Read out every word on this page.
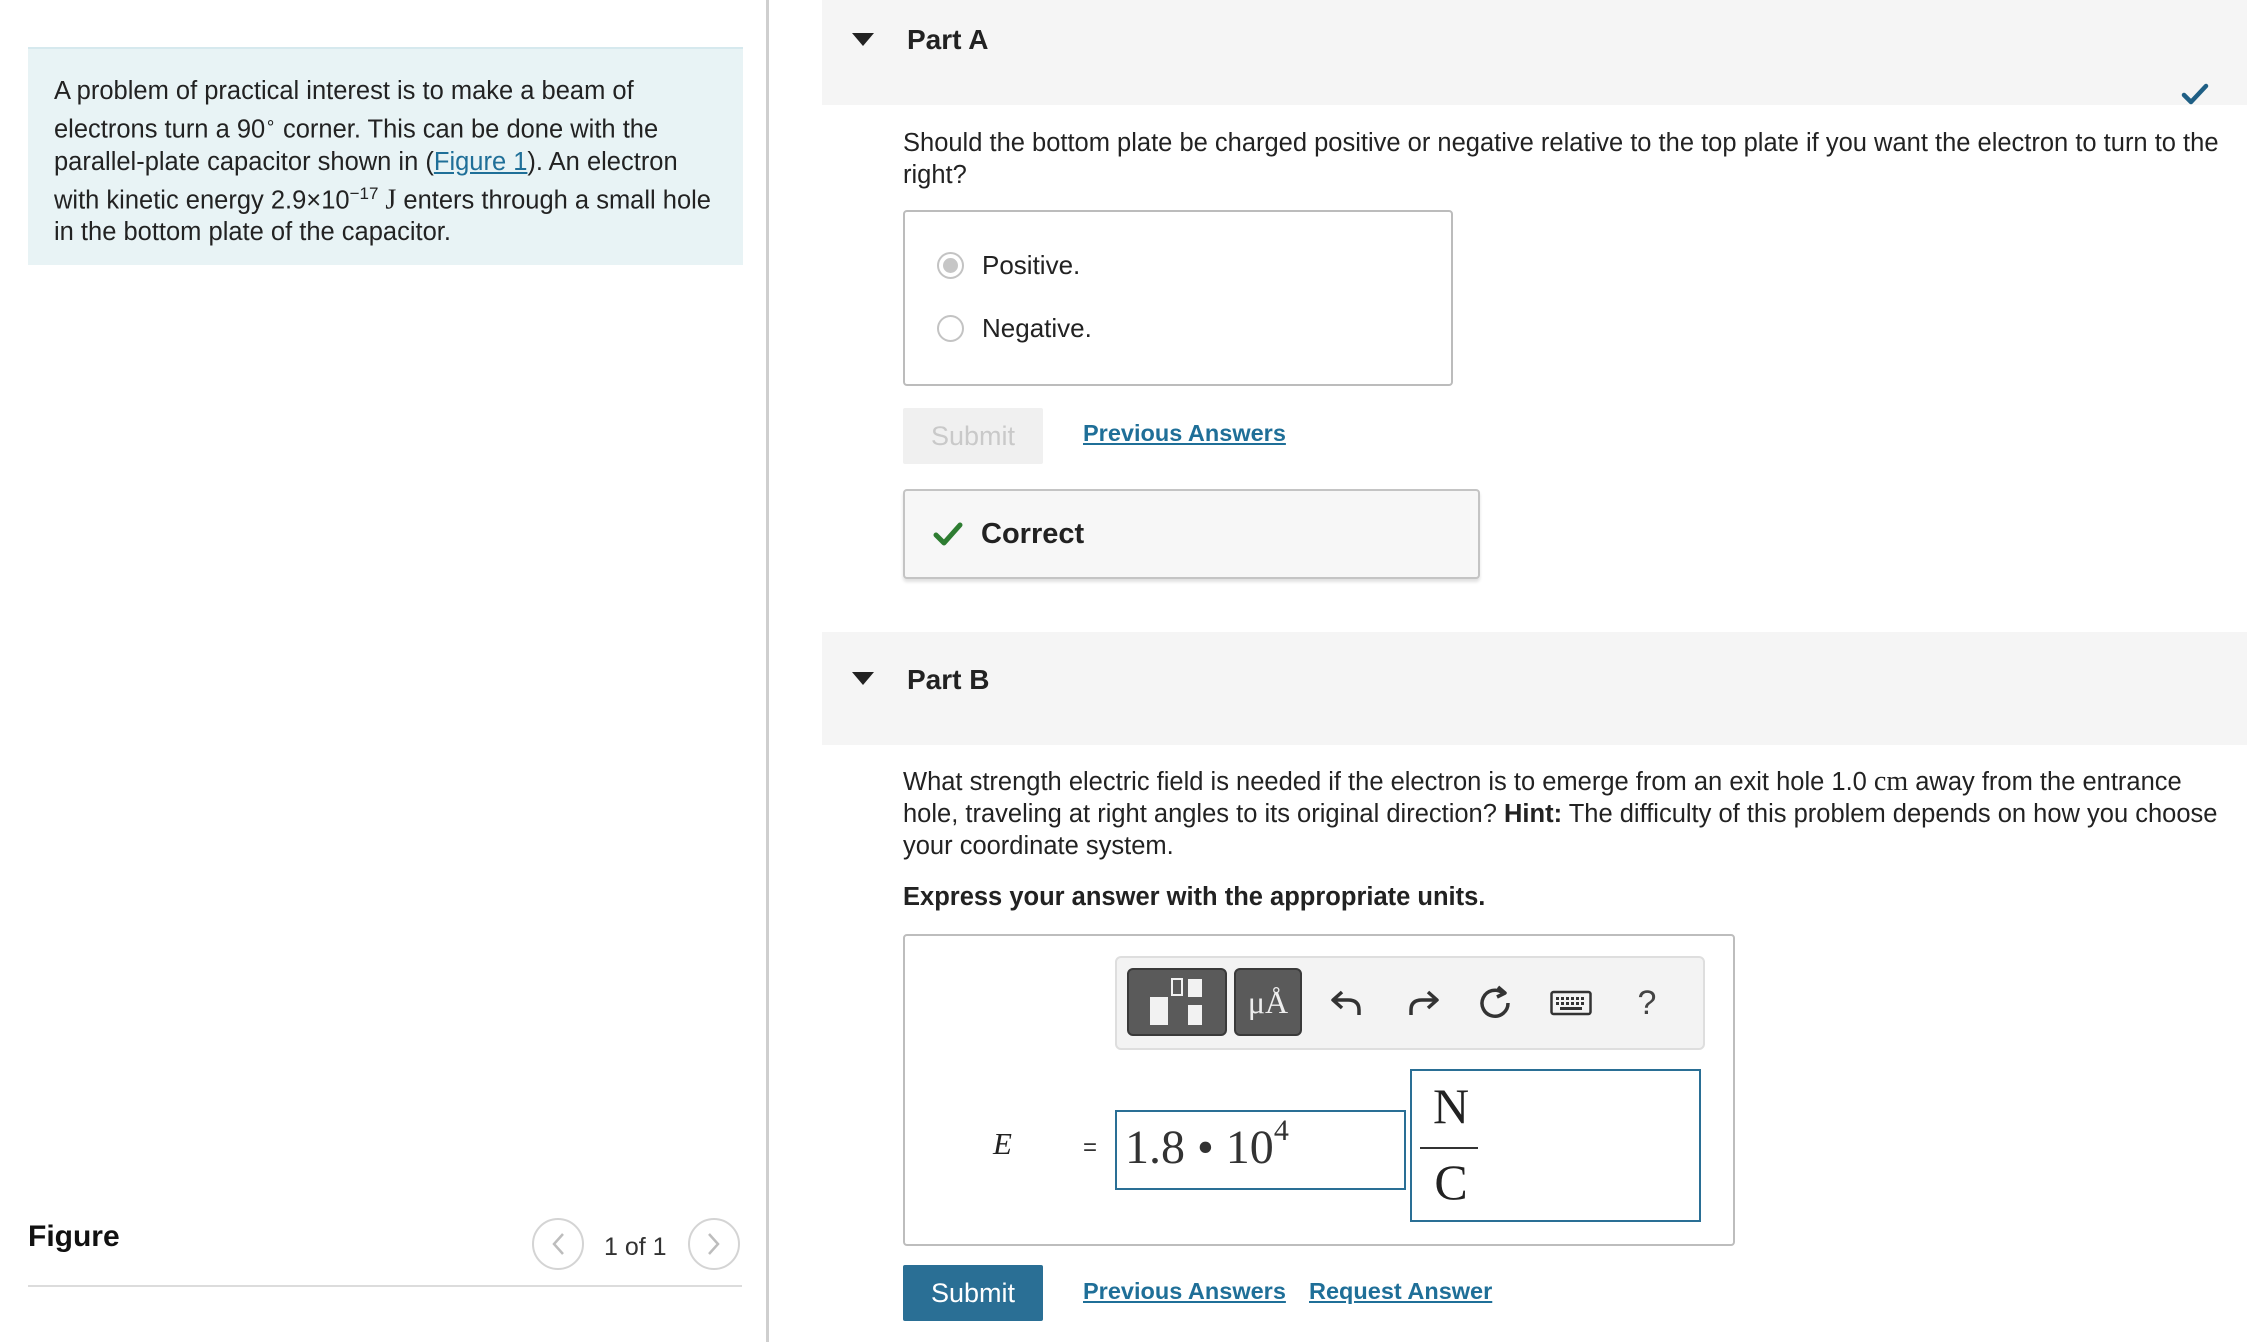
A problem of practical interest is to make a beam of electrons turn a 90∘ corner. This can be done with the parallel-plate capacitor shown in (Figure 1). An electron with kinetic energy $2.9\times 10^{-17}$ J enters through a small hole in the bottom plate of the capacitor.

Figure	1 of 1
Part A

Should the bottom plate be charged positive or negative relative to the top plate if you want the electron to turn to the right?

Positive.
Negative.
Submit	Previous Answers
Correct
Part B

What strength electric field is needed if the electron is to emerge from an exit hole 1.0 cm away from the entrance hole, traveling at right angles to its original direction? Hint: The difficulty of this problem depends on how you choose your coordinate system.

Express your answer with the appropriate units.

μÅ	?
E	= 1.8 • $10^4$	N
C
Submit	Previous Answers Request Answer
